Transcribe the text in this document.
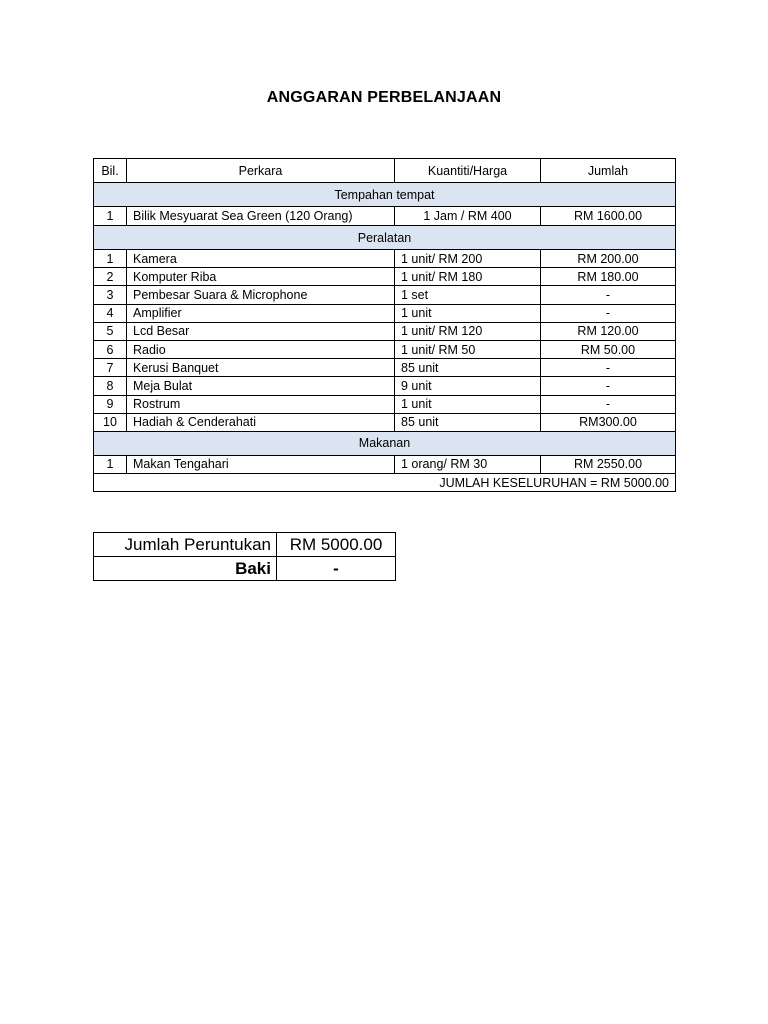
ANGGARAN PERBELANJAAN
Bil.	Perkara	Kuantiti/Harga	Jumlah
Tempahan tempat			
1	Bilik Mesyuarat Sea Green (120 Orang)	1 Jam / RM 400	RM 1600.00
Peralatan			
1	Kamera	1 unit/ RM 200	RM 200.00
2	Komputer Riba	1 unit/ RM 180	RM 180.00
3	Pembesar Suara & Microphone	1 set	-
4	Amplifier	1 unit	-
5	Lcd Besar	1 unit/ RM 120	RM 120.00
6	Radio	1 unit/ RM 50	RM 50.00
7	Kerusi Banquet	85 unit	-
8	Meja Bulat	9 unit	-
9	Rostrum	1 unit	-
10	Hadiah & Cenderahati	85 unit	RM300.00
Makanan			
1	Makan Tengahari	1 orang/ RM 30	RM 2550.00
JUMLAH KESELURUHAN = RM 5000.00			
Jumlah Peruntukan	RM 5000.00
Baki	-
